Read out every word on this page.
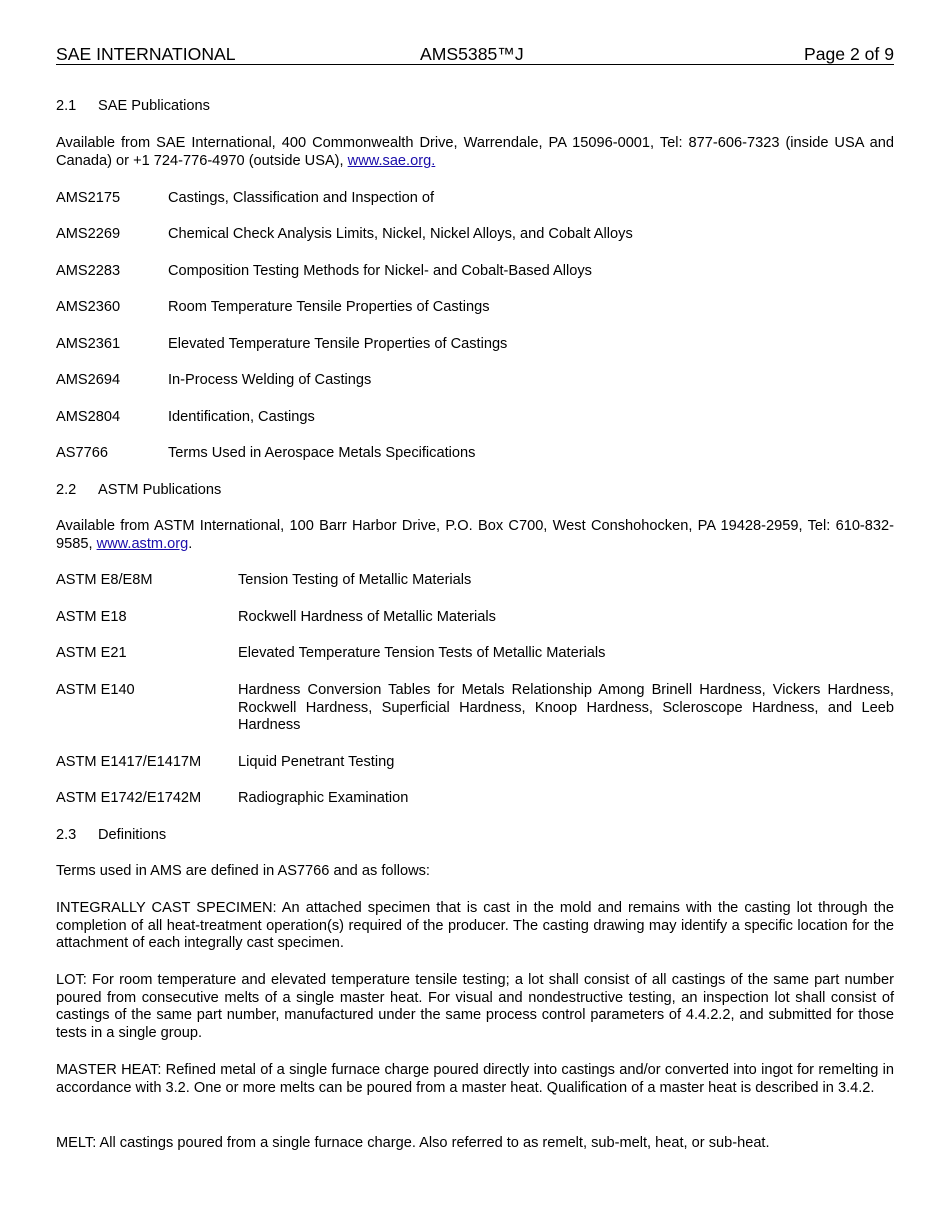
SAE INTERNATIONAL	AMS5385™J	Page 2 of 9
2.1 SAE Publications
Available from SAE International, 400 Commonwealth Drive, Warrendale, PA 15096-0001, Tel: 877-606-7323 (inside USA and Canada) or +1 724-776-4970 (outside USA), www.sae.org.
AMS2175	Castings, Classification and Inspection of
AMS2269	Chemical Check Analysis Limits, Nickel, Nickel Alloys, and Cobalt Alloys
AMS2283	Composition Testing Methods for Nickel- and Cobalt-Based Alloys
AMS2360	Room Temperature Tensile Properties of Castings
AMS2361	Elevated Temperature Tensile Properties of Castings
AMS2694	In-Process Welding of Castings
AMS2804	Identification, Castings
AS7766	Terms Used in Aerospace Metals Specifications
2.2 ASTM Publications
Available from ASTM International, 100 Barr Harbor Drive, P.O. Box C700, West Conshohocken, PA 19428-2959, Tel: 610-832-9585, www.astm.org.
ASTM E8/E8M	Tension Testing of Metallic Materials
ASTM E18	Rockwell Hardness of Metallic Materials
ASTM E21	Elevated Temperature Tension Tests of Metallic Materials
ASTM E140	Hardness Conversion Tables for Metals Relationship Among Brinell Hardness, Vickers Hardness, Rockwell Hardness, Superficial Hardness, Knoop Hardness, Scleroscope Hardness, and Leeb Hardness
ASTM E1417/E1417M	Liquid Penetrant Testing
ASTM E1742/E1742M	Radiographic Examination
2.3 Definitions
Terms used in AMS are defined in AS7766 and as follows:
INTEGRALLY CAST SPECIMEN: An attached specimen that is cast in the mold and remains with the casting lot through the completion of all heat-treatment operation(s) required of the producer. The casting drawing may identify a specific location for the attachment of each integrally cast specimen.
LOT: For room temperature and elevated temperature tensile testing; a lot shall consist of all castings of the same part number poured from consecutive melts of a single master heat. For visual and nondestructive testing, an inspection lot shall consist of castings of the same part number, manufactured under the same process control parameters of 4.4.2.2, and submitted for those tests in a single group.
MASTER HEAT: Refined metal of a single furnace charge poured directly into castings and/or converted into ingot for remelting in accordance with 3.2. One or more melts can be poured from a master heat. Qualification of a master heat is described in 3.4.2.
MELT: All castings poured from a single furnace charge. Also referred to as remelt, sub-melt, heat, or sub-heat.
